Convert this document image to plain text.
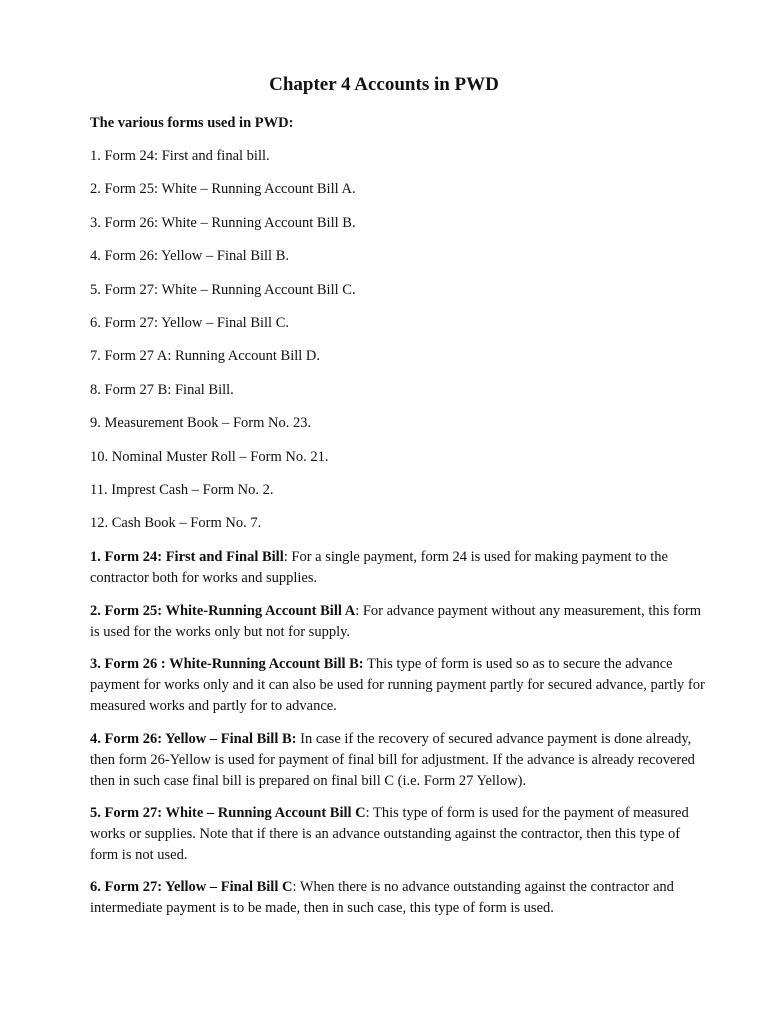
Chapter 4 Accounts in PWD
The various forms used in PWD:
1. Form 24: First and final bill.
2. Form 25: White – Running Account Bill A.
3. Form 26: White – Running Account Bill B.
4. Form 26: Yellow – Final Bill B.
5. Form 27: White – Running Account Bill C.
6. Form 27: Yellow – Final Bill C.
7. Form 27 A: Running Account Bill D.
8. Form 27 B: Final Bill.
9. Measurement Book – Form No. 23.
10. Nominal Muster Roll – Form No. 21.
11. Imprest Cash – Form No. 2.
12. Cash Book – Form No. 7.
1. Form 24: First and Final Bill: For a single payment, form 24 is used for making payment to the contractor both for works and supplies.
2. Form 25: White-Running Account Bill A: For advance payment without any measurement, this form is used for the works only but not for supply.
3. Form 26 : White-Running Account Bill B: This type of form is used so as to secure the advance payment for works only and it can also be used for running payment partly for secured advance, partly for measured works and partly for to advance.
4. Form 26: Yellow – Final Bill B: In case if the recovery of secured advance payment is done already, then form 26-Yellow is used for payment of final bill for adjustment. If the advance is already recovered then in such case final bill is prepared on final bill C (i.e. Form 27 Yellow).
5. Form 27: White – Running Account Bill C: This type of form is used for the payment of measured works or supplies. Note that if there is an advance outstanding against the contractor, then this type of form is not used.
6. Form 27: Yellow – Final Bill C: When there is no advance outstanding against the contractor and intermediate payment is to be made, then in such case, this type of form is used.
